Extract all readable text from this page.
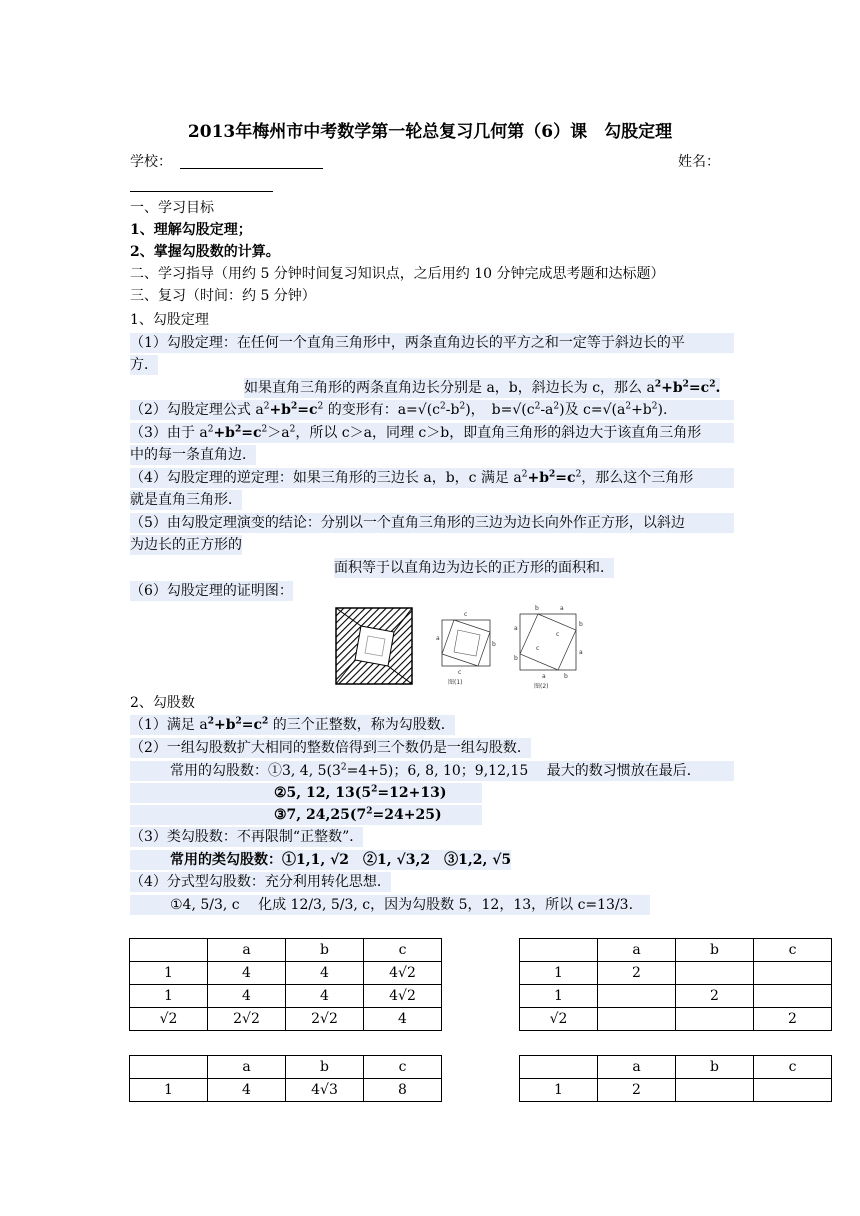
2013年梅州市中考数学第一轮总复习几何第（6）课　勾股定理
学校：	姓名：
一、学习目标
1、理解勾股定理；
2、掌握勾股数的计算。
二、学习指导（用约 5 分钟时间复习知识点，之后用约 10 分钟完成思考题和达标题）
三、复习（时间：约 5 分钟）
1、勾股定理
（1）勾股定理：在任何一个直角三角形中，两条直角边长的平方之和一定等于斜边长的平
方．
如果直角三角形的两条直角边长分别是 a，b，斜边长为 c，那么 $a^2+b^2=c^2$.
（2）勾股定理公式 $a^2+b^2=c^2$ 的变形有：$a=√(c^2-b^2)$，　$b=√(c^2-a^2)$及 $c=√(a^2+b^2)$.
（3）由于 $a^2+b^2=c^2>a^2$，所以 c＞a，同理 c＞b，即直角三角形的斜边大于该直角三角形
中的每一条直角边．
（4）勾股定理的逆定理：如果三角形的三边长 a，b，c 满足 $a^2+b^2=c^2$，那么这个三角形
就是直角三角形．
（5）由勾股定理演变的结论：分别以一个直角三角形的三边为边长向外作正方形，以斜边
为边长的正方形的
面积等于以直角边为边长的正方形的面积和．
（6）勾股定理的证明图：
c
a
b
c
图(1)
b	a
a
b
b
a
a	b
c
c
图(2)
2、勾股数
（1）满足 $a^2+b^2=c^2$ 的三个正整数，称为勾股数．
（2）一组勾股数扩大相同的整数倍得到三个数仍是一组勾股数．
常用的勾股数：①3, 4, $5(3^2=4+5)$；6, 8, 10；9,12,15　 最大的数习惯放在最后．
②5, 12, $13(5^2=12+13)$
③7, $24,25(7^2=24+25)$
（3）类勾股数：不再限制“正整数”．
常用的类勾股数：①1,1, √2　②1, √3,2　③1,2, √5
（4）分式型勾股数：充分利用转化思想．
①4, 5/3, c　 化成 12/3, 5/3, c，因为勾股数 5，12，13，所以 c=13/3.
	a	b	c
1	4	4	4√2
1	4	4	4√2
√2	2√2	2√2	4
	a	b	c
1	2		
1		2	
√2			2
	a	b	c
1	4	4√3	8
	a	b	c
1	2		
